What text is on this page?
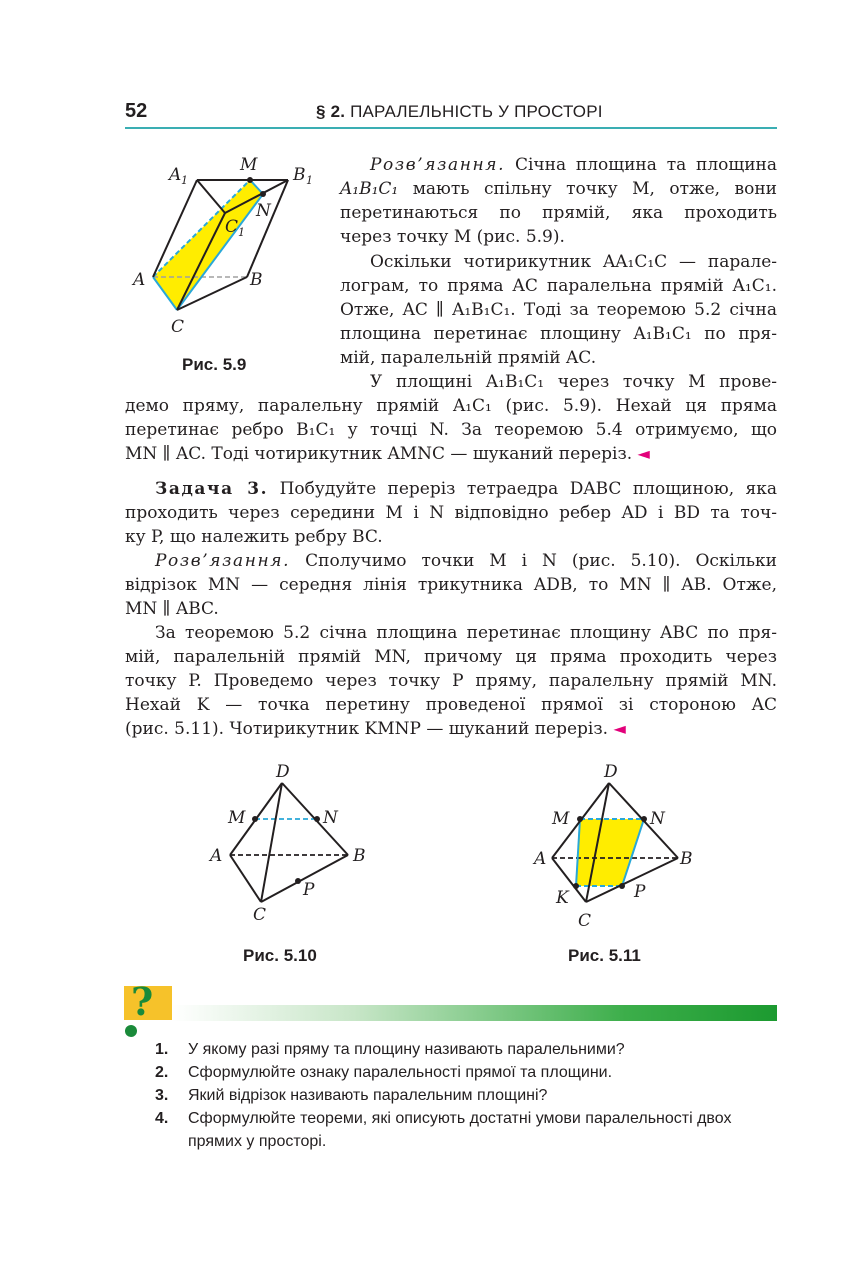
52	§ 2. ПАРАЛЕЛЬНІСТЬ У ПРОСТОРІ
A 1
M B 1
N
C 1
A	B
C
Рис. 5.9
Розв’язання. Січна площина та площина
A₁B₁C₁ мають спільну точку M, отже, вони
перетинаються по прямій, яка проходить
через точку M (рис. 5.9).
Оскільки чотирикутник AA₁C₁C — парале-
лограм, то пряма AC паралельна прямій A₁C₁.
Отже, AC ∥ A₁B₁C₁. Тоді за теоремою 5.2 січна
площина перетинає площину A₁B₁C₁ по пря-
мій, паралельній прямій AC.
У площині A₁B₁C₁ через точку M прове-
демо пряму, паралельну прямій A₁C₁ (рис. 5.9). Нехай ця пряма
перетинає ребро B₁C₁ у точці N. За теоремою 5.4 отримуємо, що
MN ∥ AC. Тоді чотирикутник AMNC — шуканий переріз. ◄
Задача 3. Побудуйте переріз тетраедра DABC площиною, яка
проходить через середини M і N відповідно ребер AD і BD та точ-
ку P, що належить ребру BC.
Розв’язання. Сполучимо точки M і N (рис. 5.10). Оскільки
відрізок MN — середня лінія трикутника ADB, то MN ∥ AB. Отже,
MN ∥ ABC.
За теоремою 5.2 січна площина перетинає площину ABC по пря-
мій, паралельній прямій MN, причому ця пряма проходить через
точку P. Проведемо через точку P пряму, паралельну прямій MN.
Нехай K — точка перетину проведеної прямої зі стороною AC
(рис. 5.11). Чотирикутник KMNP — шуканий переріз. ◄
D
M	N
A	B
P
C
Рис. 5.10
D
M	N
A	B
K	P
C
Рис. 5.11
?

1. У якому разі пряму та площину називають паралельними?

2. Сформулюйте ознаку паралельності прямої та площини.

3. Який відрізок називають паралельним площині?

4. Сформулюйте теореми, які описують достатні умови паралельності двох прямих у просторі.
